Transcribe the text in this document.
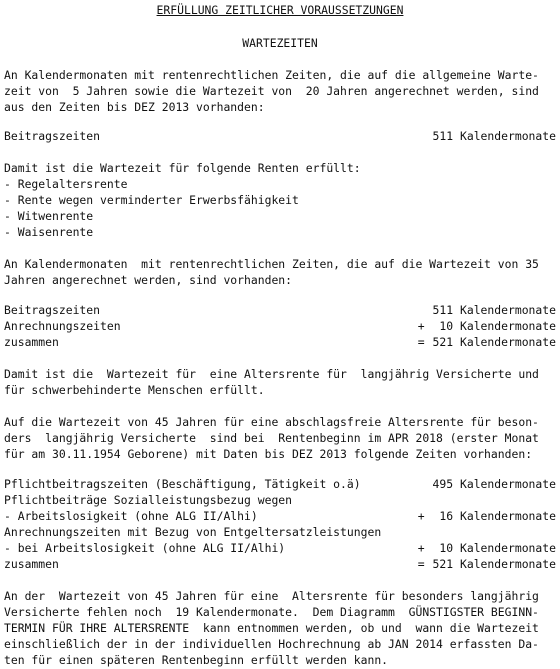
ERFÜLLUNG ZEITLICHER VORAUSSETZUNGEN
WARTEZEITEN
An Kalendermonaten mit rentenrechtlichen Zeiten, die auf die allgemeine Warte-
zeit von  5 Jahren sowie die Wartezeit von  20 Jahren angerechnet werden, sind
aus den Zeiten bis DEZ 2013 vorhanden:
Beitragszeiten	511 Kalendermonate
Damit ist die Wartezeit für folgende Renten erfüllt:
- Regelaltersrente
- Rente wegen verminderter Erwerbsfähigkeit
- Witwenrente
- Waisenrente
An Kalendermonaten  mit rentenrechtlichen Zeiten, die auf die Wartezeit von 35
Jahren angerechnet werden, sind vorhanden:
Beitragszeiten	511 Kalendermonate
Anrechnungszeiten	+ 10 Kalendermonate
zusammen	= 521 Kalendermonate
Damit ist die  Wartezeit für  eine Altersrente für  langjährig Versicherte und
für schwerbehinderte Menschen erfüllt.
Auf die Wartezeit von 45 Jahren für eine abschlagsfreie Altersrente für beson-
ders  langjährig Versicherte  sind bei  Rentenbeginn im APR 2018 (erster Monat
für am 30.11.1954 Geborene) mit Daten bis DEZ 2013 folgende Zeiten vorhanden:
Pflichtbeitragszeiten (Beschäftigung, Tätigkeit o.ä)	495 Kalendermonate
Pflichtbeiträge Sozialleistungsbezug wegen
- Arbeitslosigkeit (ohne ALG II/Alhi)	+ 16 Kalendermonate
Anrechnungszeiten mit Bezug von Entgeltersatzleistungen
- bei Arbeitslosigkeit (ohne ALG II/Alhi)	+ 10 Kalendermonate
zusammen	= 521 Kalendermonate
An der  Wartezeit von 45 Jahren für eine  Altersrente für besonders langjährig
Versicherte fehlen noch  19 Kalendermonate.  Dem Diagramm  GÜNSTIGSTER BEGINN-
TERMIN FÜR IHRE ALTERSRENTE  kann entnommen werden, ob und  wann die Wartezeit
einschließlich der in der individuellen Hochrechnung ab JAN 2014 erfassten Da-
ten für einen späteren Rentenbeginn erfüllt werden kann.
